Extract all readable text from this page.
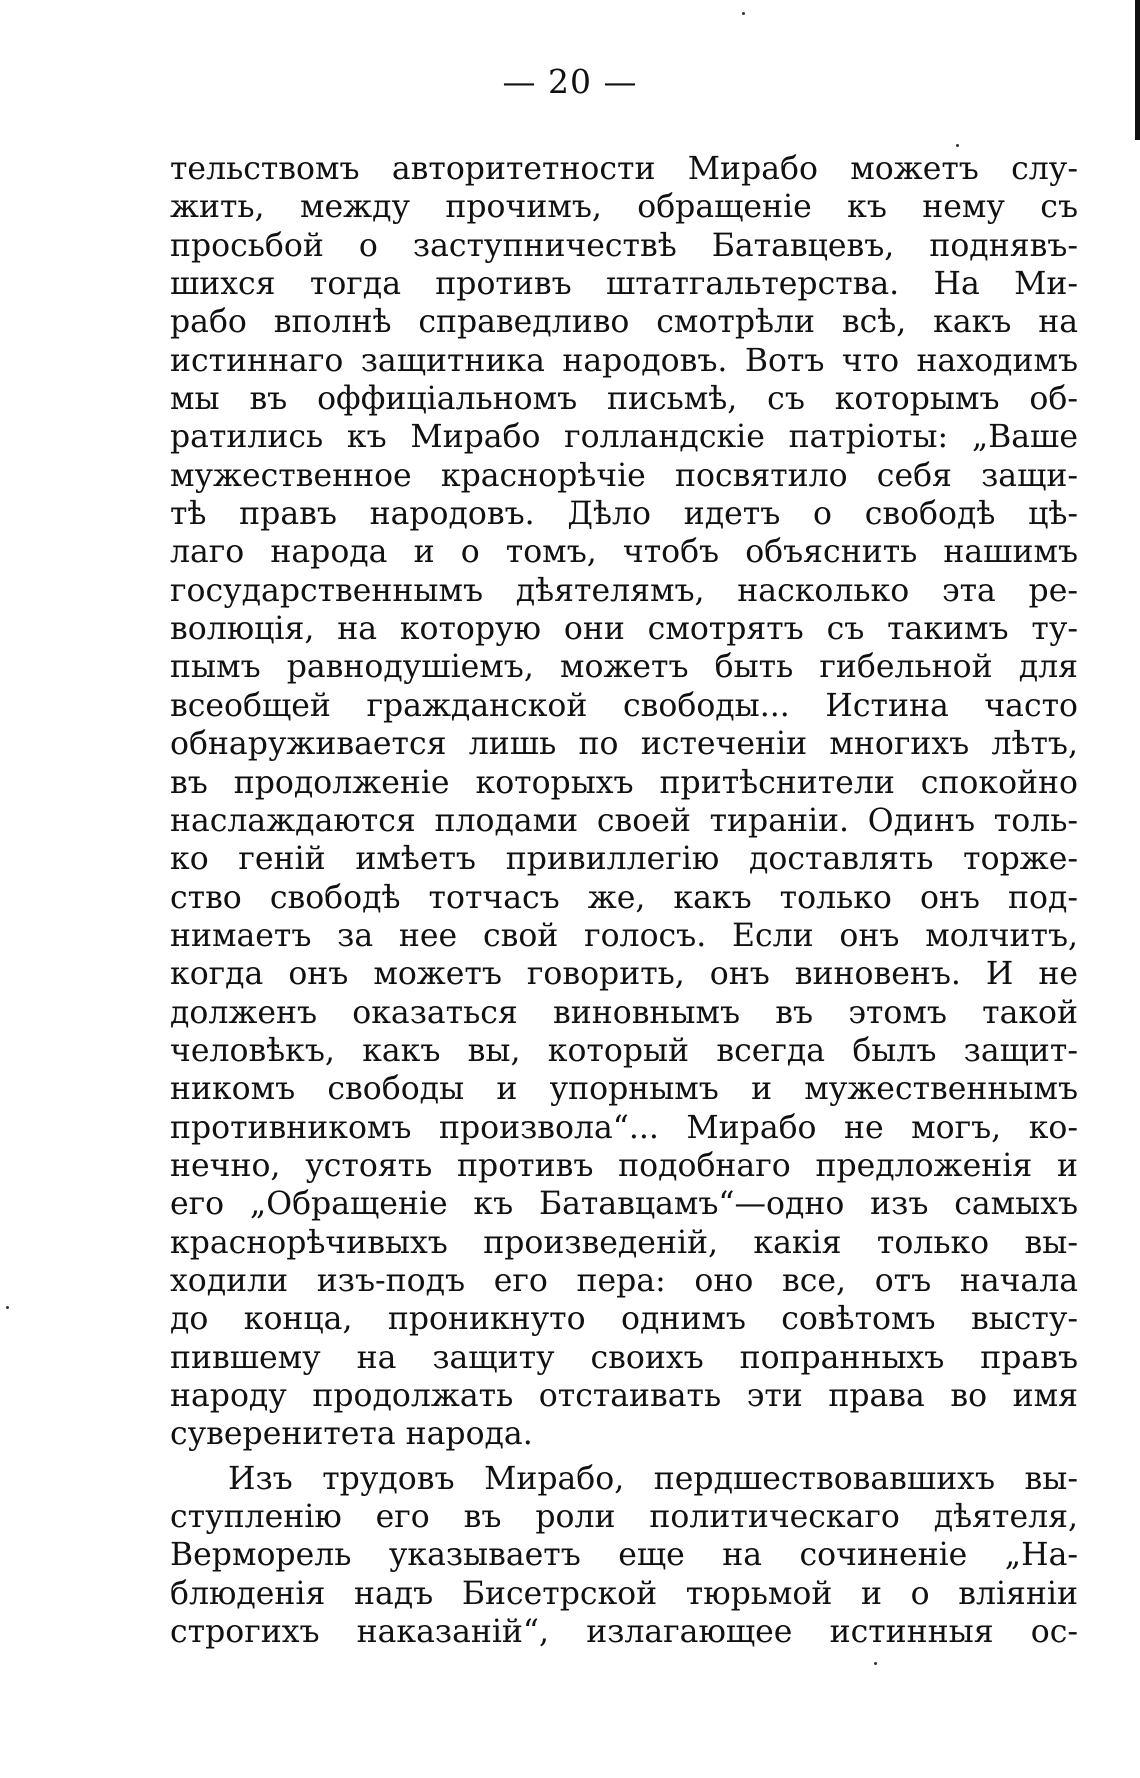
— 20 —
тельствомъ авторитетности Мирабо можетъ слу-
жить, между прочимъ, обращеніе къ нему съ
просьбой о заступничествѣ Батавцевъ, поднявъ-
шихся тогда противъ штатгальтерства. На Ми-
рабо вполнѣ справедливо смотрѣли всѣ, какъ на
истиннаго защитника народовъ. Вотъ что находимъ
мы въ оффиціальномъ письмѣ, съ которымъ об-
ратились къ Мирабо голландскіе патріоты: „Ваше
мужественное краснорѣчіе посвятило себя защи-
тѣ правъ народовъ. Дѣло идетъ о свободѣ цѣ-
лаго народа и о томъ, чтобъ объяснить нашимъ
государственнымъ дѣятелямъ, насколько эта ре-
волюція, на которую они смотрятъ съ такимъ ту-
пымъ равнодушіемъ, можетъ быть гибельной для
всеобщей гражданской свободы... Истина часто
обнаруживается лишь по истеченіи многихъ лѣтъ,
въ продолженіе которыхъ притѣснители спокойно
наслаждаются плодами своей тираніи. Одинъ толь-
ко геній имѣетъ привиллегію доставлять торже-
ство свободѣ тотчасъ же, какъ только онъ под-
нимаетъ за нее свой голосъ. Если онъ молчитъ,
когда онъ можетъ говорить, онъ виновенъ. И не
долженъ оказаться виновнымъ въ этомъ такой
человѣкъ, какъ вы, который всегда былъ защит-
никомъ свободы и упорнымъ и мужественнымъ
противникомъ произвола“... Мирабо не могъ, ко-
нечно, устоять противъ подобнаго предложенія и
его „Обращеніе къ Батавцамъ“—одно изъ самыхъ
краснорѣчивыхъ произведеній, какія только вы-
ходили изъ-подъ его пера: оно все, отъ начала
до конца, проникнуто однимъ совѣтомъ высту-
пившему на защиту своихъ попранныхъ правъ
народу продолжать отстаивать эти права во имя
суверенитета народа.
Изъ трудовъ Мирабо, пердшествовавшихъ вы-
ступленію его въ роли политическаго дѣятеля,
Верморель указываетъ еще на сочиненіе „На-
блюденія надъ Бисетрской тюрьмой и о вліяніи
строгихъ наказаній“, излагающее истинныя ос-
